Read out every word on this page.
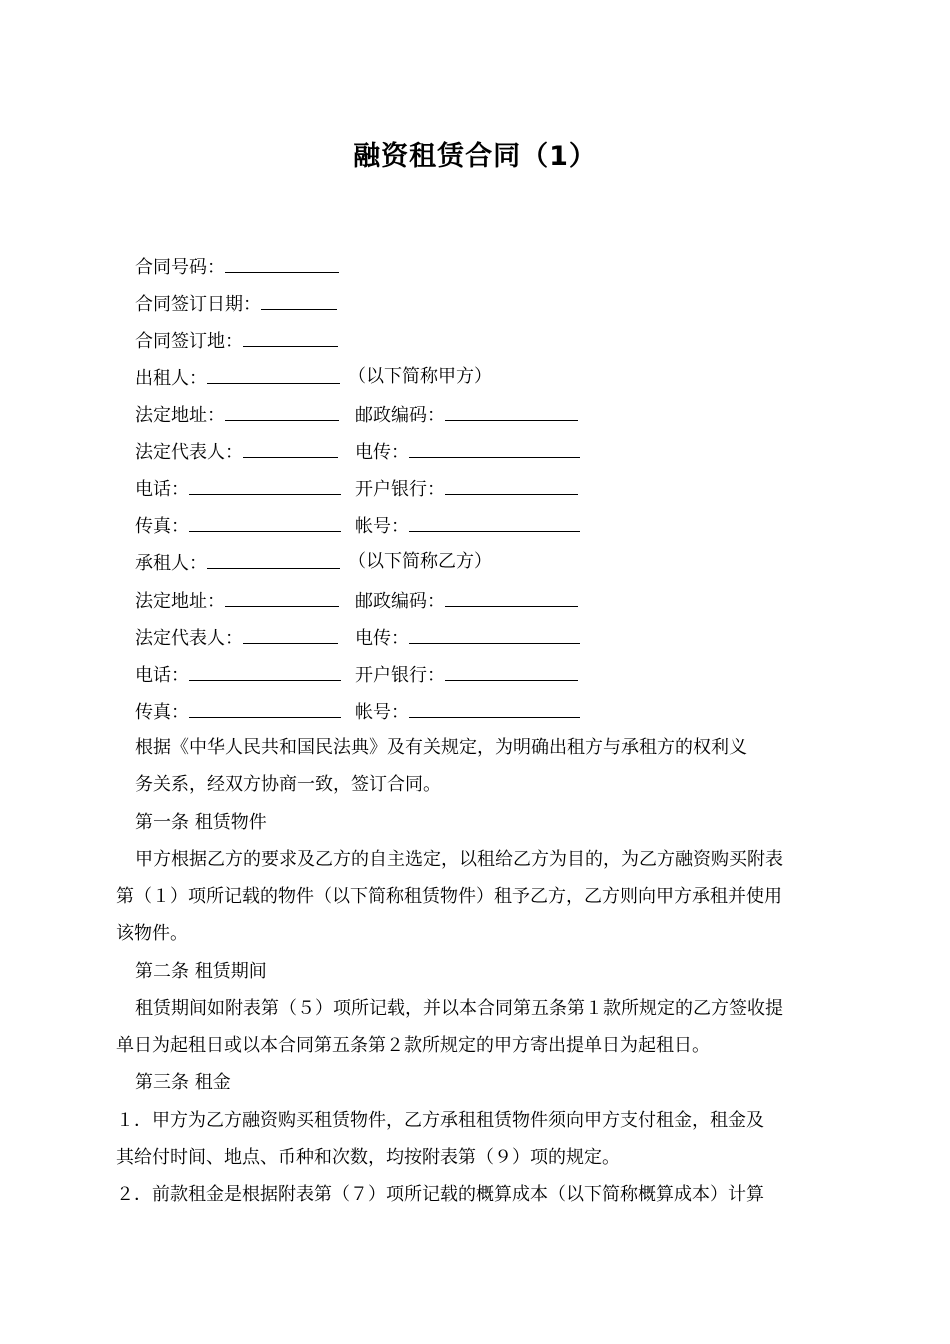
融资租赁合同（1）
合同号码：
合同签订日期：
合同签订地：
出租人：	（以下简称甲方）
法定地址：	邮政编码：
法定代表人：	电传：
电话：	开户银行：
传真：	帐号：
承租人：	（以下简称乙方）
法定地址：	邮政编码：
法定代表人：	电传：
电话：	开户银行：
传真：	帐号：
根据《中华人民共和国民法典》及有关规定，为明确出租方与承租方的权利义
务关系，经双方协商一致，签订合同。
第一条 租赁物件
甲方根据乙方的要求及乙方的自主选定，以租给乙方为目的，为乙方融资购买附表
第（１）项所记载的物件（以下简称租赁物件）租予乙方，乙方则向甲方承租并使用
该物件。
第二条 租赁期间
租赁期间如附表第（５）项所记载，并以本合同第五条第１款所规定的乙方签收提
单日为起租日或以本合同第五条第２款所规定的甲方寄出提单日为起租日。
第三条 租金
１．甲方为乙方融资购买租赁物件，乙方承租租赁物件须向甲方支付租金，租金及
其给付时间、地点、币种和次数，均按附表第（９）项的规定。
２．前款租金是根据附表第（７）项所记载的概算成本（以下简称概算成本）计算
